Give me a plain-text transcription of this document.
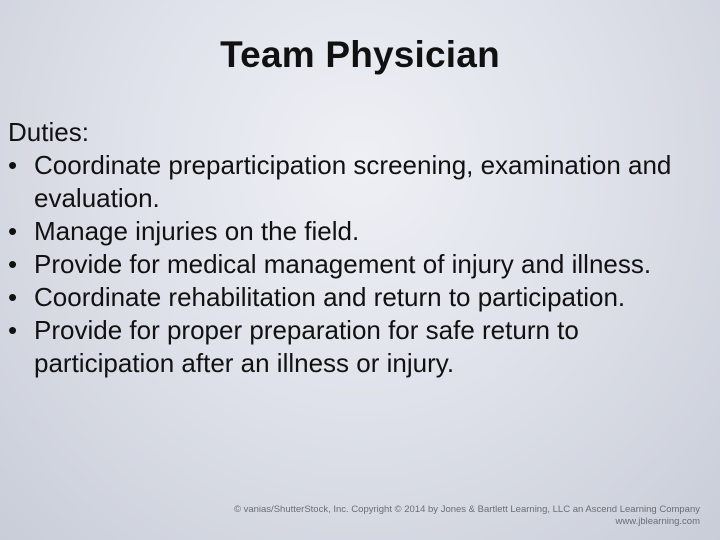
Team Physician
Duties:
• Coordinate preparticipation screening, examination and evaluation.
• Manage injuries on the field.
• Provide for medical management of injury and illness.
• Coordinate rehabilitation and return to participation.
• Provide for proper preparation for safe return to participation after an illness or injury.
© vanias/ShutterStock, Inc. Copyright © 2014 by Jones & Bartlett Learning, LLC an Ascend Learning Company
www.jblearning.com
